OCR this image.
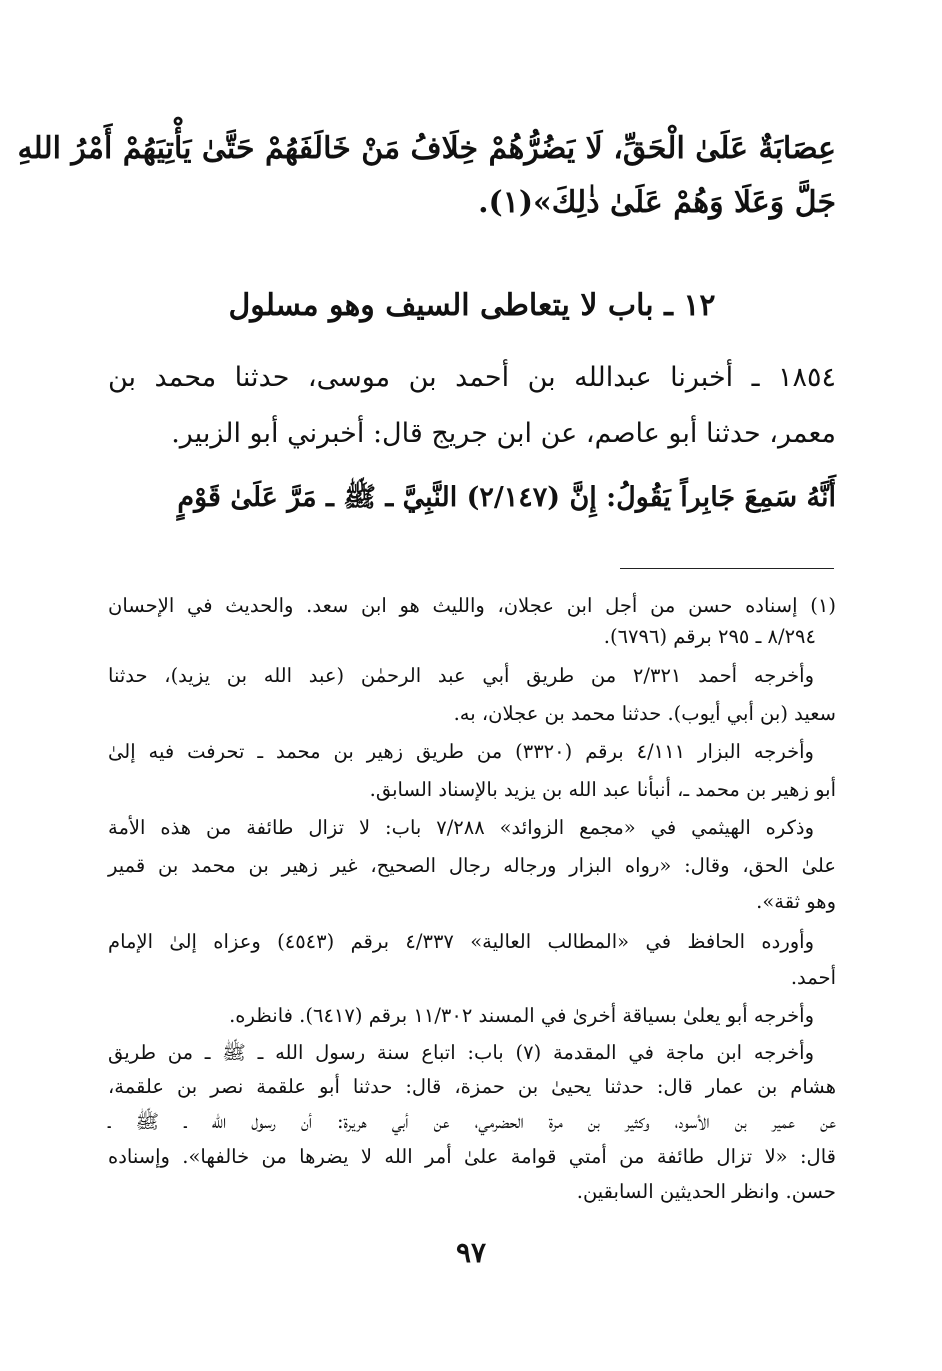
عِصَابَةٌ عَلَىٰ الْحَقِّ، لَا يَضُرُّهُمْ خِلَافُ مَنْ خَالَفَهُمْ حَتَّىٰ يَأْتِيَهُمْ أَمْرُ اللهِ
جَلَّ وَعَلَا وَهُمْ عَلَىٰ ذٰلِكَ»(١).
١٢ ـ باب لا يتعاطى السيف وهو مسلول
١٨٥٤ ـ أخبرنا عبدالله بن أحمد بن موسى، حدثنا محمد بن
معمر، حدثنا أبو عاصم، عن ابن جريج قال: أخبرني أبو الزبير.
أَنَّهُ سَمِعَ جَابِراً يَقُولُ: إِنَّ (٢/١٤٧) النَّبِيَّ ـ ﷺ ـ مَرَّ عَلَىٰ قَوْمٍ
(١) إسناده حسن من أجل ابن عجلان، والليث هو ابن سعد. والحديث في الإحسان
٨/٢٩٤ ـ ٢٩٥ برقم (٦٧٩٦).
وأخرجه أحمد ٢/٣٢١ من طريق أبي عبد الرحمٰن (عبد الله بن يزيد)، حدثنا
سعيد (بن أبي أيوب). حدثنا محمد بن عجلان، به.
وأخرجه البزار ٤/١١١ برقم (٣٣٢٠) من طريق زهير بن محمد ـ تحرفت فيه إلىٰ
أبو زهير بن محمد ـ، أنبأنا عبد الله بن يزيد بالإسناد السابق.
وذكره الهيثمي في «مجمع الزوائد» ٧/٢٨٨ باب: لا تزال طائفة من هذه الأمة
علىٰ الحق، وقال: «رواه البزار ورجاله رجال الصحيح، غير زهير بن محمد بن قمير
وهو ثقة».
وأورده الحافظ في «المطالب العالية» ٤/٣٣٧ برقم (٤٥٤٣) وعزاه إلىٰ الإمام
أحمد.
وأخرجه أبو يعلىٰ بسياقة أخرىٰ في المسند ١١/٣٠٢ برقم (٦٤١٧). فانظره.
وأخرجه ابن ماجة في المقدمة (٧) باب: اتباع سنة رسول الله ـ ﷺ ـ من طريق
هشام بن عمار قال: حدثنا يحيىٰ بن حمزة، قال: حدثنا أبو علقمة نصر بن علقمة،
عن عمير بن الأسود، وكثير بن مرة الحضرمي، عن أبي هريرة: أن رسول الله ـ ﷺ ـ
قال: «لا تزال طائفة من أمتي قوامة علىٰ أمر الله لا يضرها من خالفها». وإسناده
حسن. وانظر الحديثين السابقين.
٩٧
